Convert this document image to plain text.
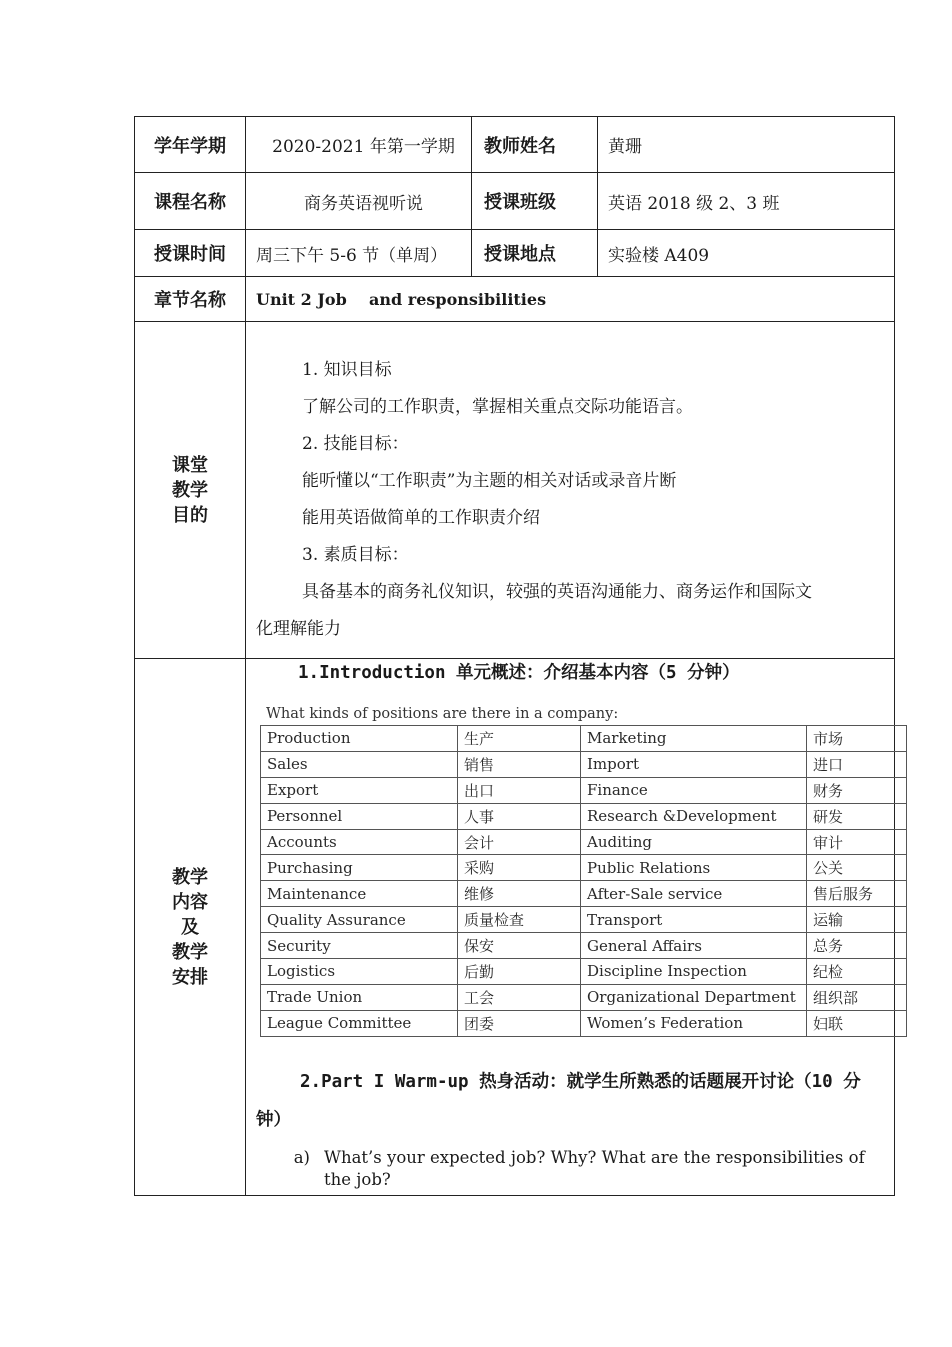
学年学期	2020-2021 年第一学期	教师姓名	黄珊
课程名称	商务英语视听说	授课班级	英语 2018 级 2、3 班
授课时间	周三下午 5-6 节（单周）	授课地点	实验楼 A409
章节名称	Unit 2 Job    and responsibilities

课堂
教学
目的

1. 知识目标
了解公司的工作职责，掌握相关重点交际功能语言。
2. 技能目标：
能听懂以“工作职责”为主题的相关对话或录音片断
能用英语做简单的工作职责介绍
3. 素质目标：
具备基本的商务礼仪知识，较强的英语沟通能力、商务运作和国际文
化理解能力

教学
内容
及
教学
安排

1.Introduction 单元概述：介绍基本内容（5 分钟）
What kinds of positions are there in a company:
Production	生产	Marketing	市场
Sales	销售	Import	进口
Export	出口	Finance	财务
Personnel	人事	Research &Development	研发
Accounts	会计	Auditing	审计
Purchasing	采购	Public Relations	公关
Maintenance	维修	After-Sale service	售后服务
Quality Assurance	质量检查	Transport	运输
Security	保安	General Affairs	总务
Logistics	后勤	Discipline Inspection	纪检
Trade Union	工会	Organizational Department	组织部
League Committee	团委	Women’s Federation	妇联
2.Part I Warm-up 热身活动：就学生所熟悉的话题展开讨论（10 分
钟）
a) What’s your expected job? Why? What are the responsibilities of the job?
